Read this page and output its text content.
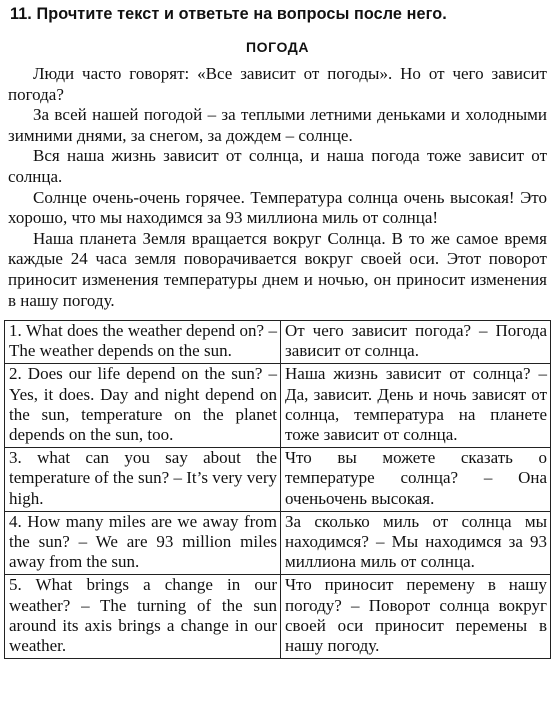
11. Прочтите текст и ответьте на вопросы после него.
ПОГОДА

Люди часто говорят: «Все зависит от погоды». Но от чего зависит погода?

За всей нашей погодой – за теплыми летними деньками и холодными зимними днями, за снегом, за дождем – солнце.

Вся наша жизнь зависит от солнца, и наша погода тоже зависит от солнца.

Солнце очень-очень горячее. Температура солнца очень высокая! Это хорошо, что мы находимся за 93 миллиона миль от солнца!

Наша планета Земля вращается вокруг Солнца. В то же самое время каждые 24 часа земля поворачивается вокруг своей оси. Этот поворот приносит изменения температуры днем и ночью, он приносит изменения в нашу погоду.

1. What does the weather depend on? – The weather depends on the sun.	От чего зависит погода? – Погода зависит от солнца.
2. Does our life depend on the sun? – Yes, it does. Day and night depend on the sun, temperature on the planet depends on the sun, too.	Наша жизнь зависит от солнца? – Да, зависит. День и ночь зависят от солнца, температура на планете тоже зависит от солнца.
3. what can you say about the temperature of the sun? – It’s very very high.	Что вы можете сказать о температуре солнца? – Она оченьочень высокая.
4. How many miles are we away from the sun? – We are 93 million miles away from the sun.	За сколько миль от солнца мы находимся? – Мы находимся за 93 миллиона миль от солнца.
5. What brings a change in our weather? – The turning of the sun around its axis brings a change in our weather.	Что приносит перемену в нашу погоду? – Поворот солнца вокруг своей оси приносит перемены в нашу погоду.
